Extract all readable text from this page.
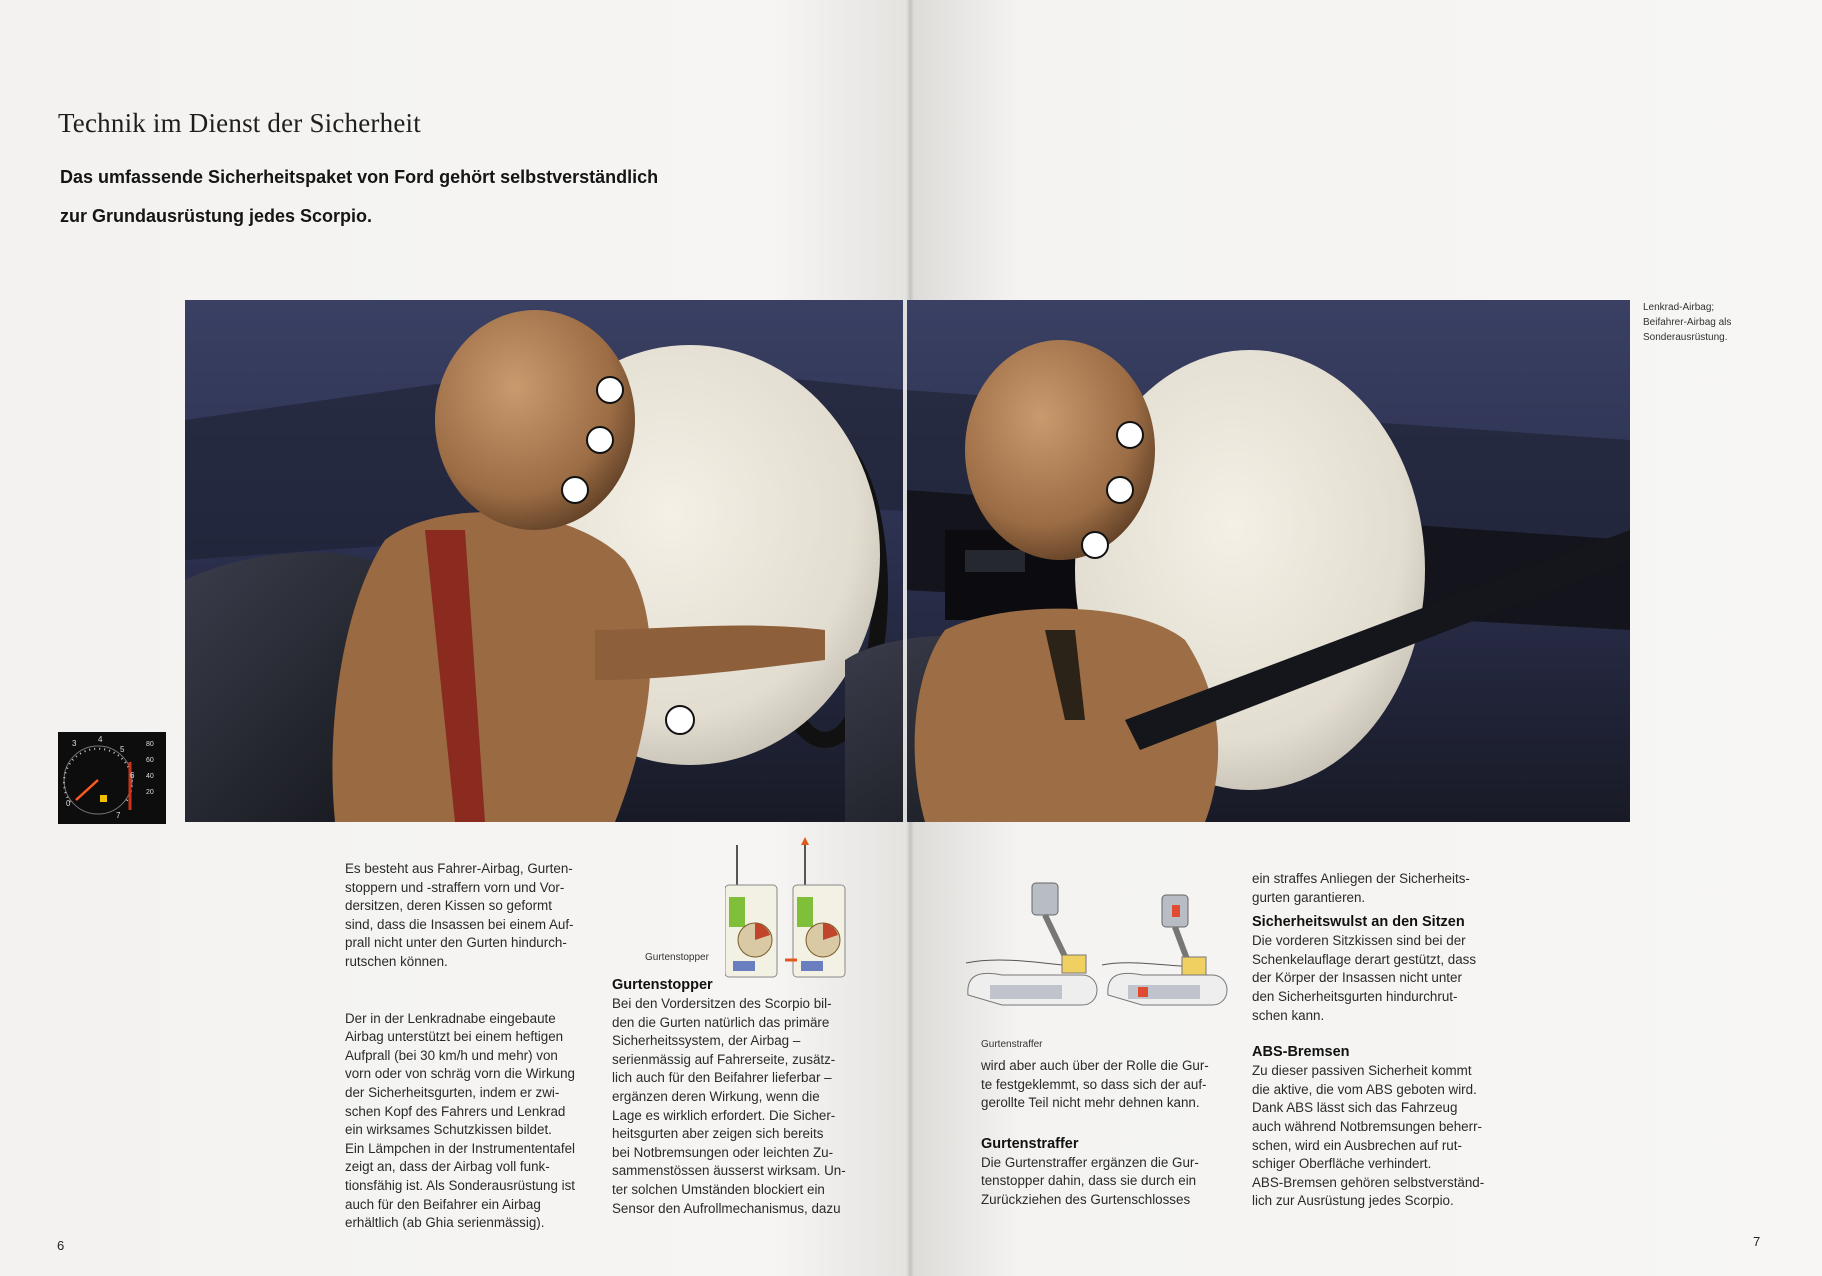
Technik im Dienst der Sicherheit
Das umfassende Sicherheitspaket von Ford gehört selbstverständlich
zur Grundausrüstung jedes Scorpio.
Lenkrad-Airbag;
Beifahrer-Airbag als
Sonderausrüstung.
0
3	4
5
6
7
80
60
40
20

Es besteht aus Fahrer-Airbag, Gurten-
stoppern und -straffern vorn und Vor-
dersitzen, deren Kissen so geformt
sind, dass die Insassen bei einem Auf-
prall nicht unter den Gurten hindurch-
rutschen können.

Der in der Lenkradnabe eingebaute
Airbag unterstützt bei einem heftigen
Aufprall (bei 30 km/h und mehr) von
vorn oder von schräg vorn die Wirkung
der Sicherheitsgurten, indem er zwi-
schen Kopf des Fahrers und Lenkrad
ein wirksames Schutzkissen bildet.
Ein Lämpchen in der Instrumententafel
zeigt an, dass der Airbag voll funk-
tionsfähig ist. Als Sonderausrüstung ist
auch für den Beifahrer ein Airbag
erhältlich (ab Ghia serienmässig).

Gurtenstopper
Gurtenstopper

Bei den Vordersitzen des Scorpio bil-
den die Gurten natürlich das primäre
Sicherheitssystem, der Airbag –
serienmässig auf Fahrerseite, zusätz-
lich auch für den Beifahrer lieferbar –
ergänzen deren Wirkung, wenn die
Lage es wirklich erfordert. Die Sicher-
heitsgurten aber zeigen sich bereits
bei Notbremsungen oder leichten Zu-
sammenstössen äusserst wirksam. Un-
ter solchen Umständen blockiert ein
Sensor den Aufrollmechanismus, dazu

Gurtenstraffer

wird aber auch über der Rolle die Gur-
te festgeklemmt, so dass sich der auf-
gerollte Teil nicht mehr dehnen kann.

Gurtenstraffer

Die Gurtenstraffer ergänzen die Gur-
tenstopper dahin, dass sie durch ein
Zurückziehen des Gurtenschlosses

ein straffes Anliegen der Sicherheits-
gurten garantieren.

Sicherheitswulst an den Sitzen

Die vorderen Sitzkissen sind bei der
Schenkelauflage derart gestützt, dass
der Körper der Insassen nicht unter
den Sicherheitsgurten hindurchrut-
schen kann.

ABS-Bremsen

Zu dieser passiven Sicherheit kommt
die aktive, die vom ABS geboten wird.
Dank ABS lässt sich das Fahrzeug
auch während Notbremsungen beherr-
schen, wird ein Ausbrechen auf rut-
schiger Oberfläche verhindert.
ABS-Bremsen gehören selbstverständ-
lich zur Ausrüstung jedes Scorpio.

6	7
